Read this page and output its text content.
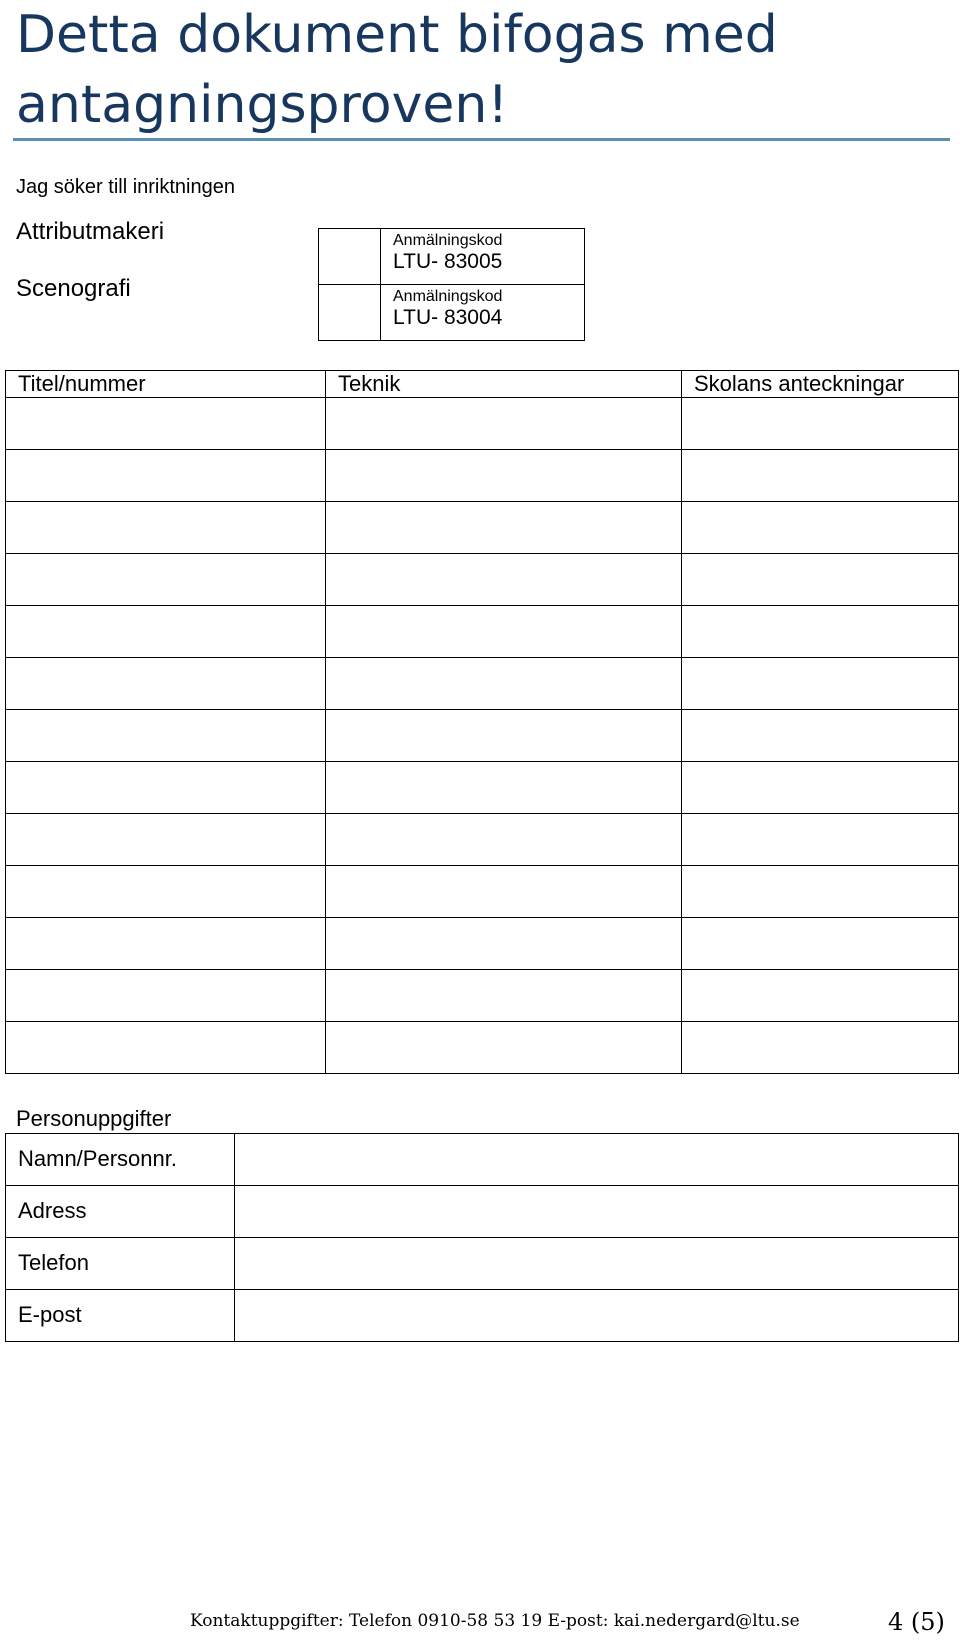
Detta dokument bifogas med antagningsproven!
Jag söker till inriktningen
Attributmakeri
Scenografi

	Anmälningskod
LTU- 83005

	Anmälningskod
LTU- 83004
Titel/nummer	Teknik	Skolans anteckningar

Personuppgifter
Namn/Personnr.	

Adress	

Telefon	

E-post	

Kontaktuppgifter: Telefon 0910-58 53 19 E-post: kai.nedergard@ltu.se	4 (5)
